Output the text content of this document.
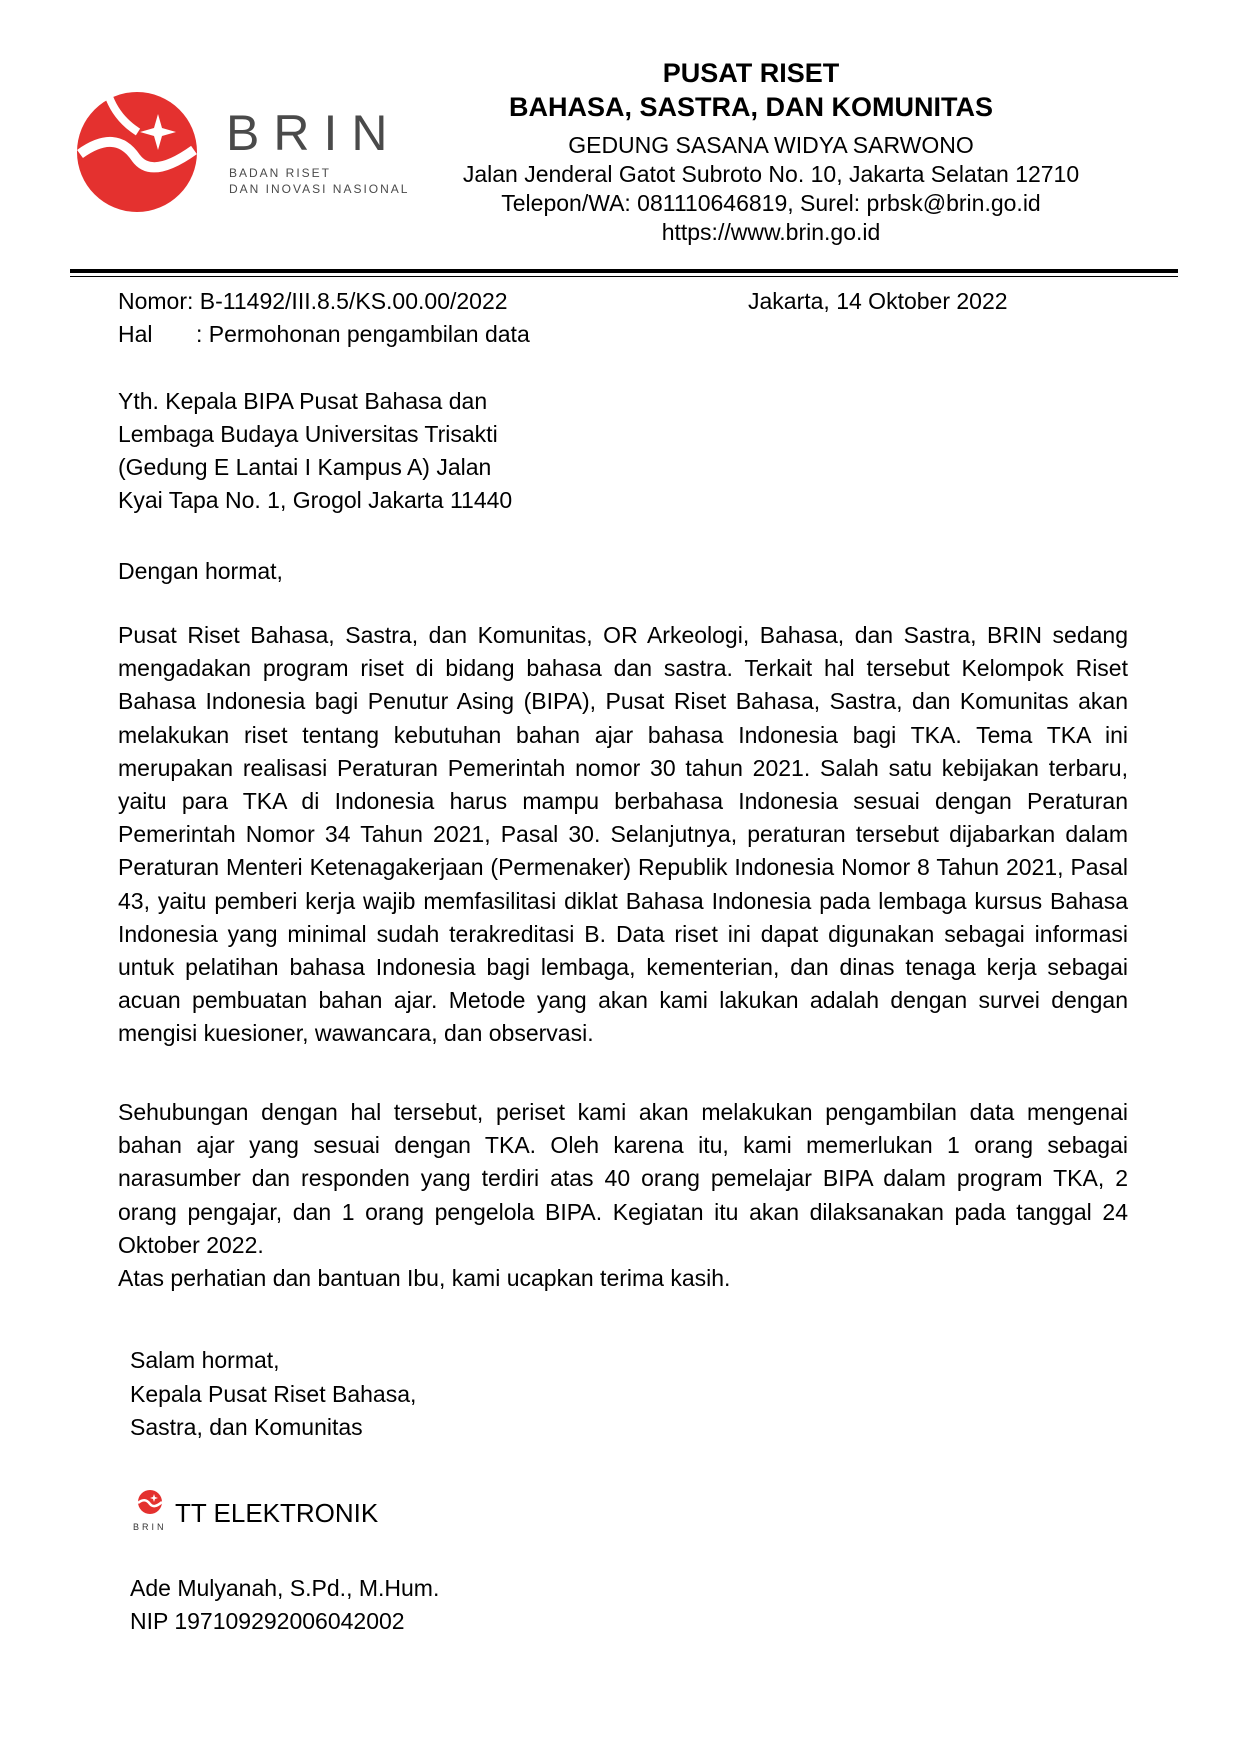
BRIN
BADAN RISET
DAN INOVASI NASIONAL
PUSAT RISET
BAHASA, SASTRA, DAN KOMUNITAS
GEDUNG SASANA WIDYA SARWONO
Jalan Jenderal Gatot Subroto No. 10, Jakarta Selatan 12710
Telepon/WA: 081110646819, Surel: prbsk@brin.go.id
https://www.brin.go.id
Nomor: B-11492/III.8.5/KS.00.00/2022	Jakarta, 14 Oktober 2022
Hal : Permohonan pengambilan data
Yth. Kepala BIPA Pusat Bahasa dan
Lembaga Budaya Universitas Trisakti
(Gedung E Lantai I Kampus A) Jalan
Kyai Tapa No. 1, Grogol Jakarta 11440
Dengan hormat,
Pusat Riset Bahasa, Sastra, dan Komunitas, OR Arkeologi, Bahasa, dan Sastra, BRIN sedang mengadakan program riset di bidang bahasa dan sastra. Terkait hal tersebut Kelompok Riset Bahasa Indonesia bagi Penutur Asing (BIPA), Pusat Riset Bahasa, Sastra, dan Komunitas akan melakukan riset tentang kebutuhan bahan ajar bahasa Indonesia bagi TKA. Tema TKA ini merupakan realisasi Peraturan Pemerintah nomor 30 tahun 2021. Salah satu kebijakan terbaru, yaitu para TKA di Indonesia harus mampu berbahasa Indonesia sesuai dengan Peraturan Pemerintah Nomor 34 Tahun 2021, Pasal 30. Selanjutnya, peraturan tersebut dijabarkan dalam Peraturan Menteri Ketenagakerjaan (Permenaker) Republik Indonesia Nomor 8 Tahun 2021, Pasal 43, yaitu pemberi kerja wajib memfasilitasi diklat Bahasa Indonesia pada lembaga kursus Bahasa Indonesia yang minimal sudah terakreditasi B. Data riset ini dapat digunakan sebagai informasi untuk pelatihan bahasa Indonesia bagi lembaga, kementerian, dan dinas tenaga kerja sebagai acuan pembuatan bahan ajar. Metode yang akan kami lakukan adalah dengan survei dengan mengisi kuesioner, wawancara, dan observasi.
Sehubungan dengan hal tersebut, periset kami akan melakukan pengambilan data mengenai bahan ajar yang sesuai dengan TKA. Oleh karena itu, kami memerlukan 1 orang sebagai narasumber dan responden yang terdiri atas 40 orang pemelajar BIPA dalam program TKA, 2 orang pengajar, dan 1 orang pengelola BIPA. Kegiatan itu akan dilaksanakan pada tanggal 24 Oktober 2022.
Atas perhatian dan bantuan Ibu, kami ucapkan terima kasih.
Salam hormat,
Kepala Pusat Riset Bahasa,
Sastra, dan Komunitas
BRIN TT ELEKTRONIK
Ade Mulyanah, S.Pd., M.Hum.
NIP 197109292006042002
